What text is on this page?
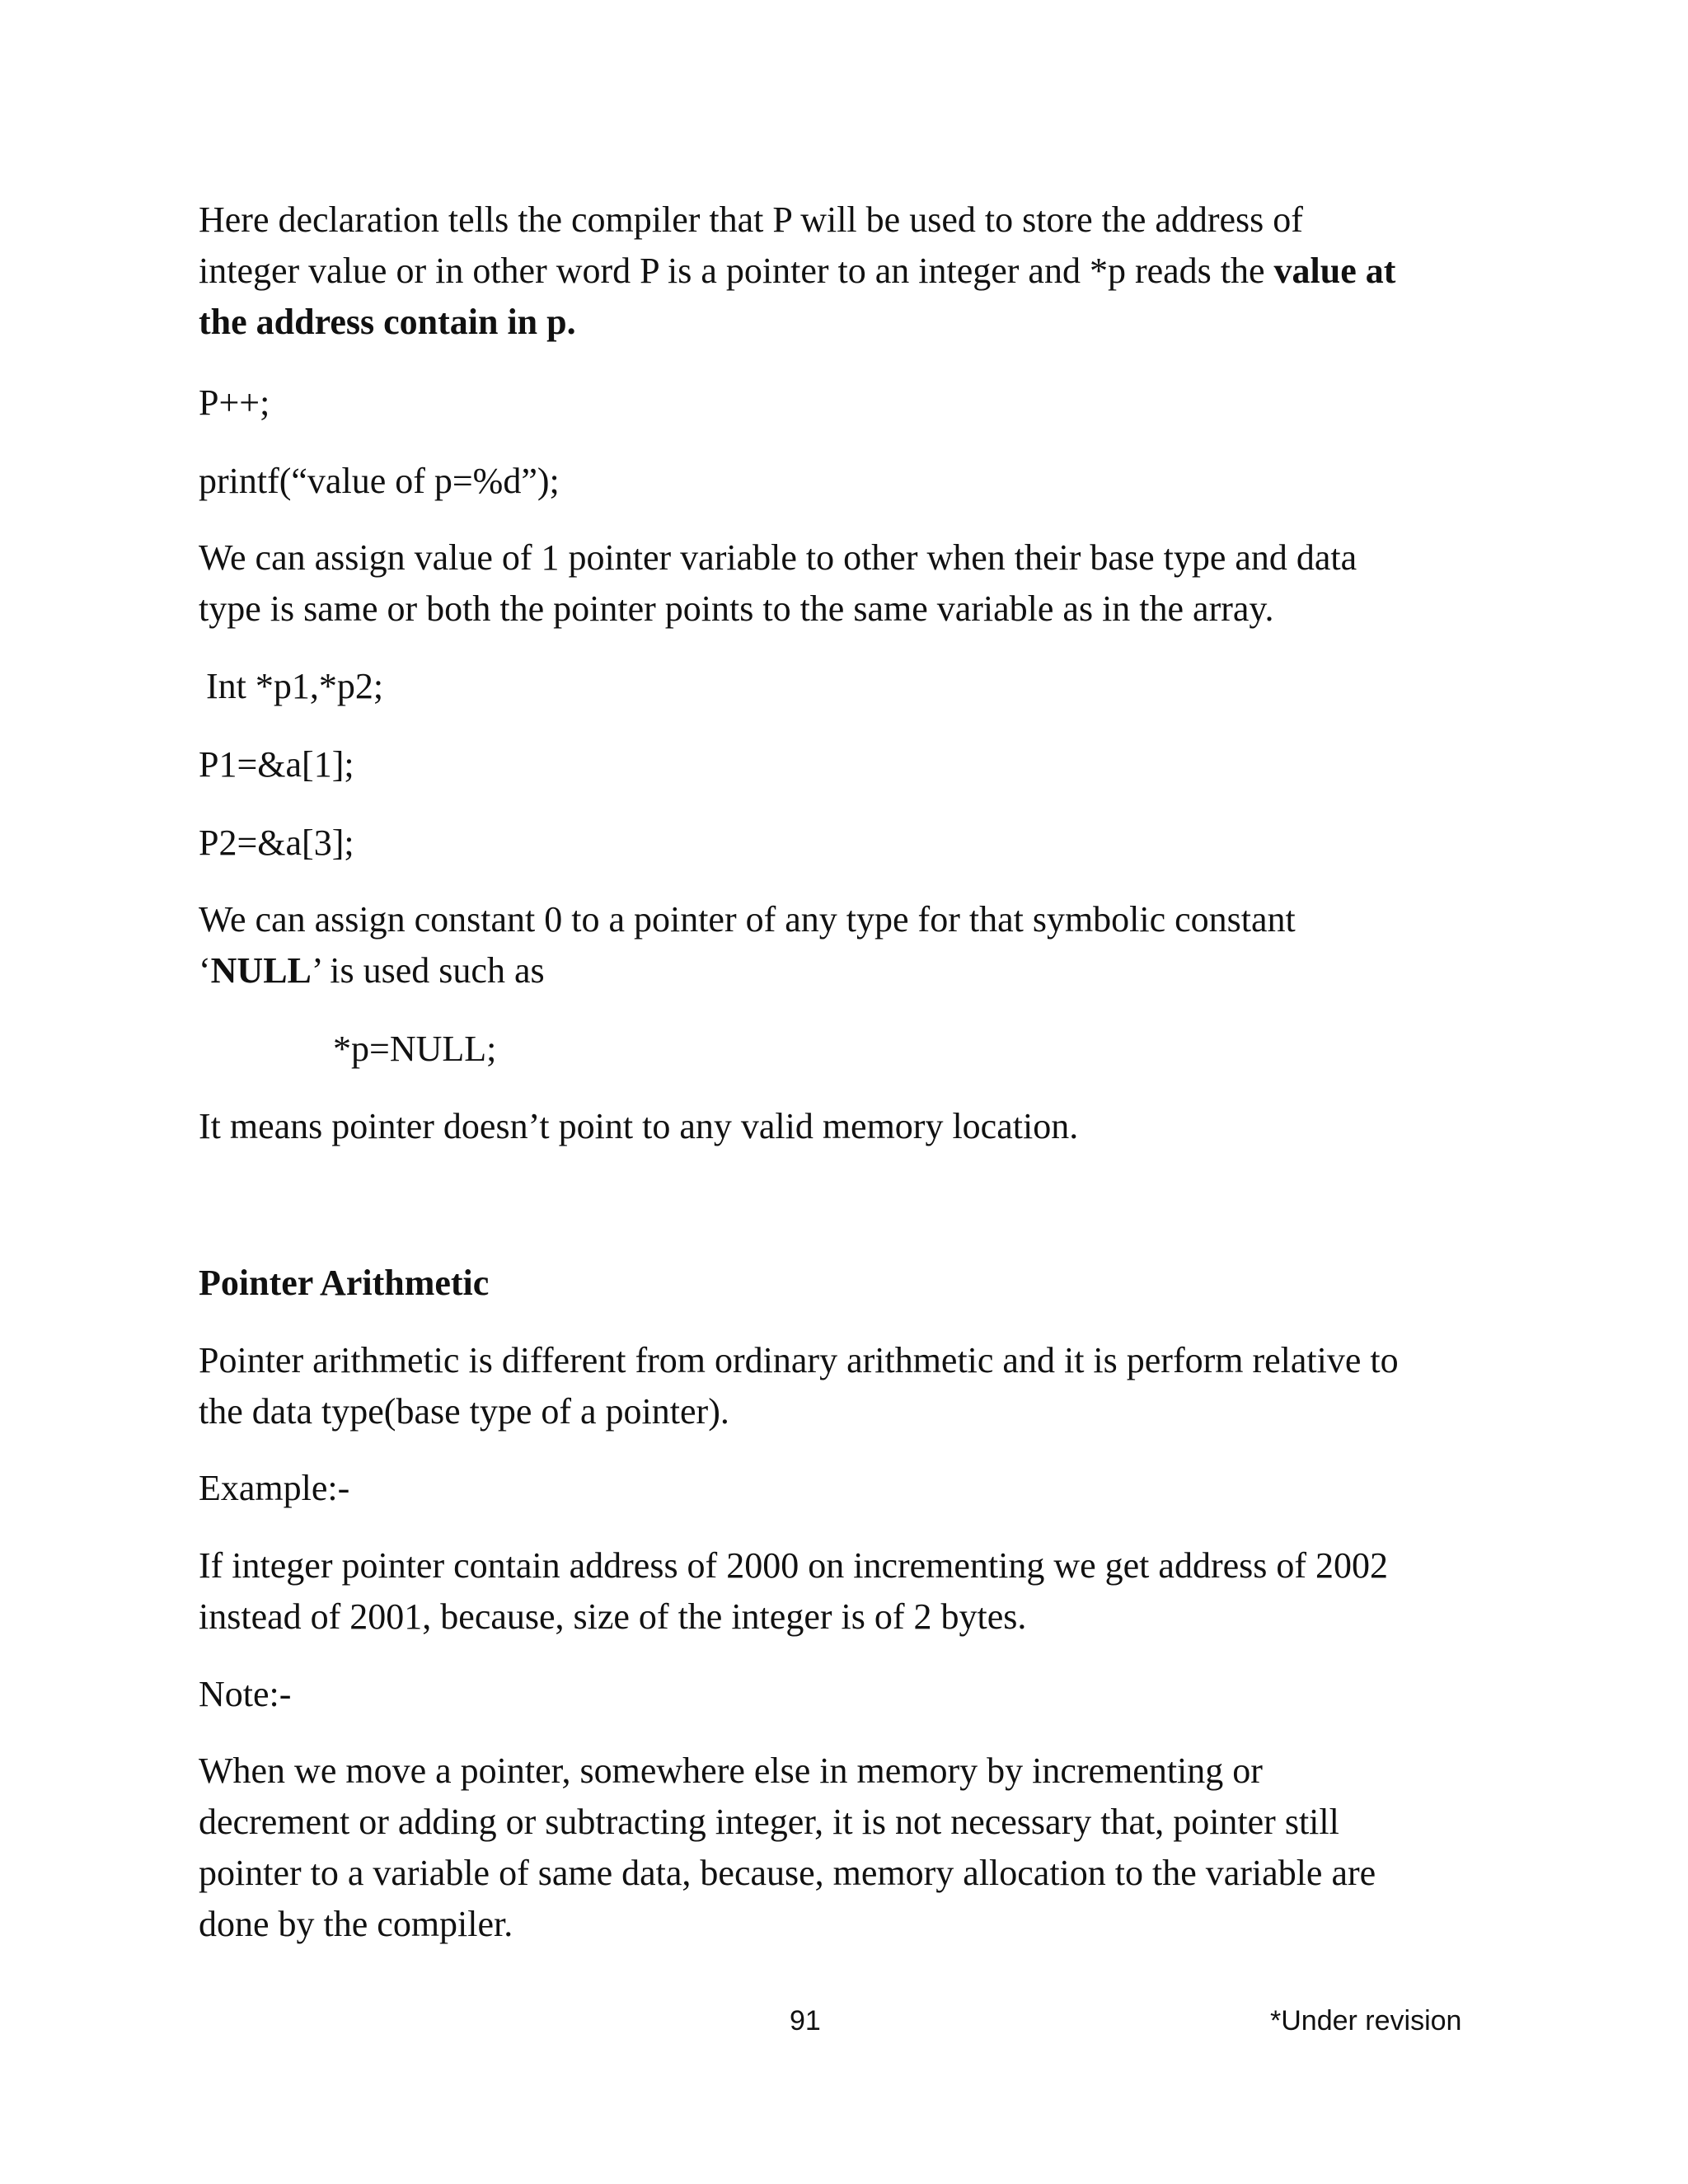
Here declaration tells the compiler that P will be used to store the address of

integer value or in other word P is a pointer to an integer and *p reads the value at

the address contain in p.

P++;

printf(“value of p=%d”);

We can assign value of 1 pointer variable to other when their base type and data

type is same or both the pointer points to the same variable as in the array.

Int *p1,*p2;

P1=&a[1];

P2=&a[3];

We can assign constant 0 to a pointer of any type for that symbolic constant

‘NULL’ is used such as

*p=NULL;

It means pointer doesn’t point to any valid memory location.

Pointer Arithmetic

Pointer arithmetic is different from ordinary arithmetic and it is perform relative to

the data type(base type of a pointer).

Example:-

If integer pointer contain address of 2000 on incrementing we get address of 2002

instead of 2001, because, size of the integer is of 2 bytes.

Note:-

When we move a pointer, somewhere else in memory by incrementing or

decrement or adding or subtracting integer, it is not necessary that, pointer still

pointer to a variable of same data, because, memory allocation to the variable are

done by the compiler.

91	*Under revision
